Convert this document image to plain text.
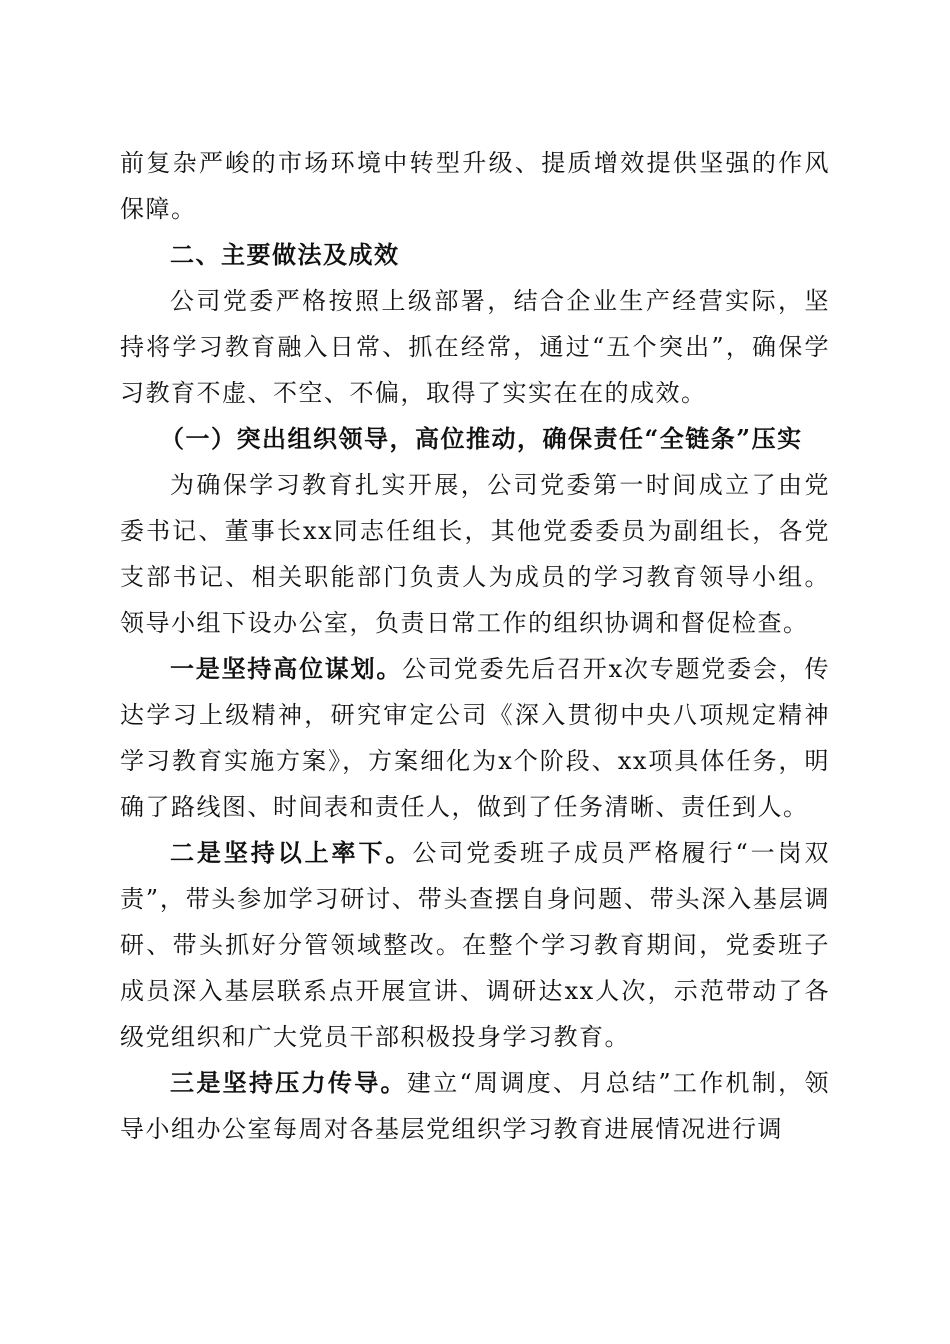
前复杂严峻的市场环境中转型升级、提质增效提供坚强的作风保障。

二、主要做法及成效

公司党委严格按照上级部署，结合企业生产经营实际，坚持将学习教育融入日常、抓在经常，通过“五个突出”，确保学习教育不虚、不空、不偏，取得了实实在在的成效。

（一）突出组织领导，高位推动，确保责任“全链条”压实

为确保学习教育扎实开展，公司党委第一时间成立了由党委书记、董事长xx同志任组长，其他党委委员为副组长，各党支部书记、相关职能部门负责人为成员的学习教育领导小组。领导小组下设办公室，负责日常工作的组织协调和督促检查。

一是坚持高位谋划。公司党委先后召开x次专题党委会，传达学习上级精神，研究审定公司《深入贯彻中央八项规定精神学习教育实施方案》，方案细化为x个阶段、xx项具体任务，明确了路线图、时间表和责任人，做到了任务清晰、责任到人。

二是坚持以上率下。公司党委班子成员严格履行“一岗双责”，带头参加学习研讨、带头查摆自身问题、带头深入基层调研、带头抓好分管领域整改。在整个学习教育期间，党委班子成员深入基层联系点开展宣讲、调研达xx人次，示范带动了各级党组织和广大党员干部积极投身学习教育。

三是坚持压力传导。建立“周调度、月总结”工作机制，领导小组办公室每周对各基层党组织学习教育进展情况进行调
